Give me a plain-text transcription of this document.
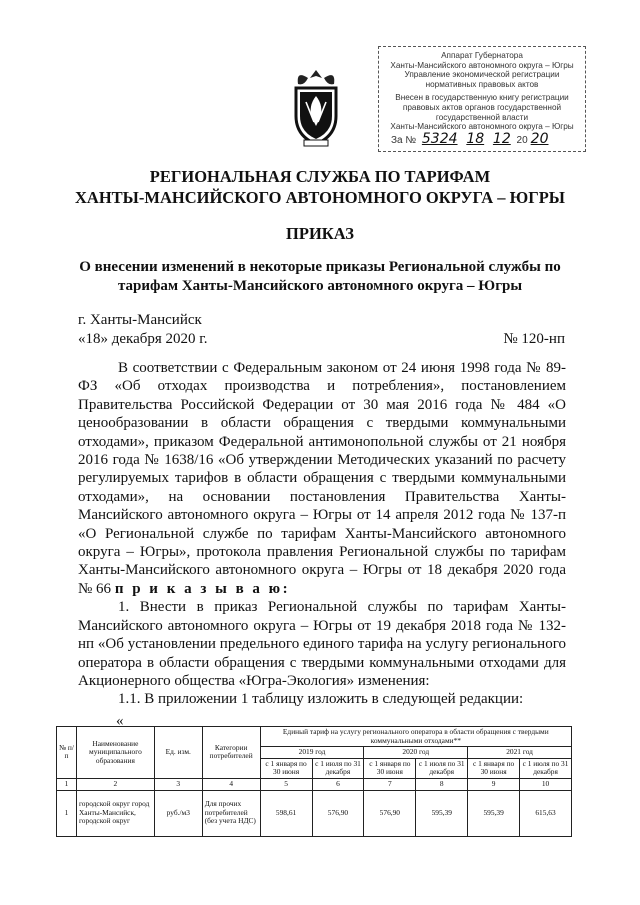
Аппарат Губернатора
Ханты-Мансийского автономного округа – Югры
Управление экономической регистрации
нормативных правовых актов
Внесен в государственную книгу регистрации
правовых актов органов государственной
государственной власти
Ханты-Мансийского автономного округа – Югры
За № 5324 18 12 20 20
РЕГИОНАЛЬНАЯ СЛУЖБА ПО ТАРИФАМ
ХАНТЫ-МАНСИЙСКОГО АВТОНОМНОГО ОКРУГА – ЮГРЫ
ПРИКАЗ
О внесении изменений в некоторые приказы Региональной службы по
тарифам Ханты-Мансийского автономного округа – Югры
г. Ханты-Мансийск
«18» декабря 2020 г.	№ 120-нп

В соответствии с Федеральным законом от 24 июня 1998 года № 89-ФЗ «Об отходах производства и потребления», постановлением Правительства Российской Федерации от 30 мая 2016 года № 484 «О ценообразовании в области обращения с твердыми коммунальными отходами», приказом Федеральной антимонопольной службы от 21 ноября 2016 года № 1638/16 «Об утверждении Методических указаний по расчету регулируемых тарифов в области обращения с твердыми коммунальными отходами», на основании постановления Правительства Ханты-Мансийского автономного округа – Югры от 14 апреля 2012 года № 137-п «О Региональной службе по тарифам Ханты-Мансийского автономного округа – Югры», протокола правления Региональной службы по тарифам Ханты-Мансийского автономного округа – Югры от 18 декабря 2020 года № 66 п р и к а з ы в а ю:

1. Внести в приказ Региональной службы по тарифам Ханты-Мансийского автономного округа – Югры от 19 декабря 2018 года № 132-нп «Об установлении предельного единого тарифа на услугу регионального оператора в области обращения с твердыми коммунальными отходами для Акционерного общества «Югра-Экология» изменения:

1.1. В приложении 1 таблицу изложить в следующей редакции:

«
№ п/п	Наименование муниципального образования	Ед. изм.	Категории потребителей	Единый тариф на услугу регионального оператора в области обращения с твердыми коммунальными отходами**					
				2019 год		2020 год		2021 год	
				с 1 января по 30 июня	с 1 июля по 31 декабря	с 1 января по 30 июня	с 1 июля по 31 декабря	с 1 января по 30 июня	с 1 июля по 31 декабря
1	2	3	4	5	6	7	8	9	10
1	городской округ город Ханты-Мансийск, городской округ	руб./м3	Для прочих потребителей (без учета НДС)	598,61	576,90	576,90	595,39	595,39	615,63
